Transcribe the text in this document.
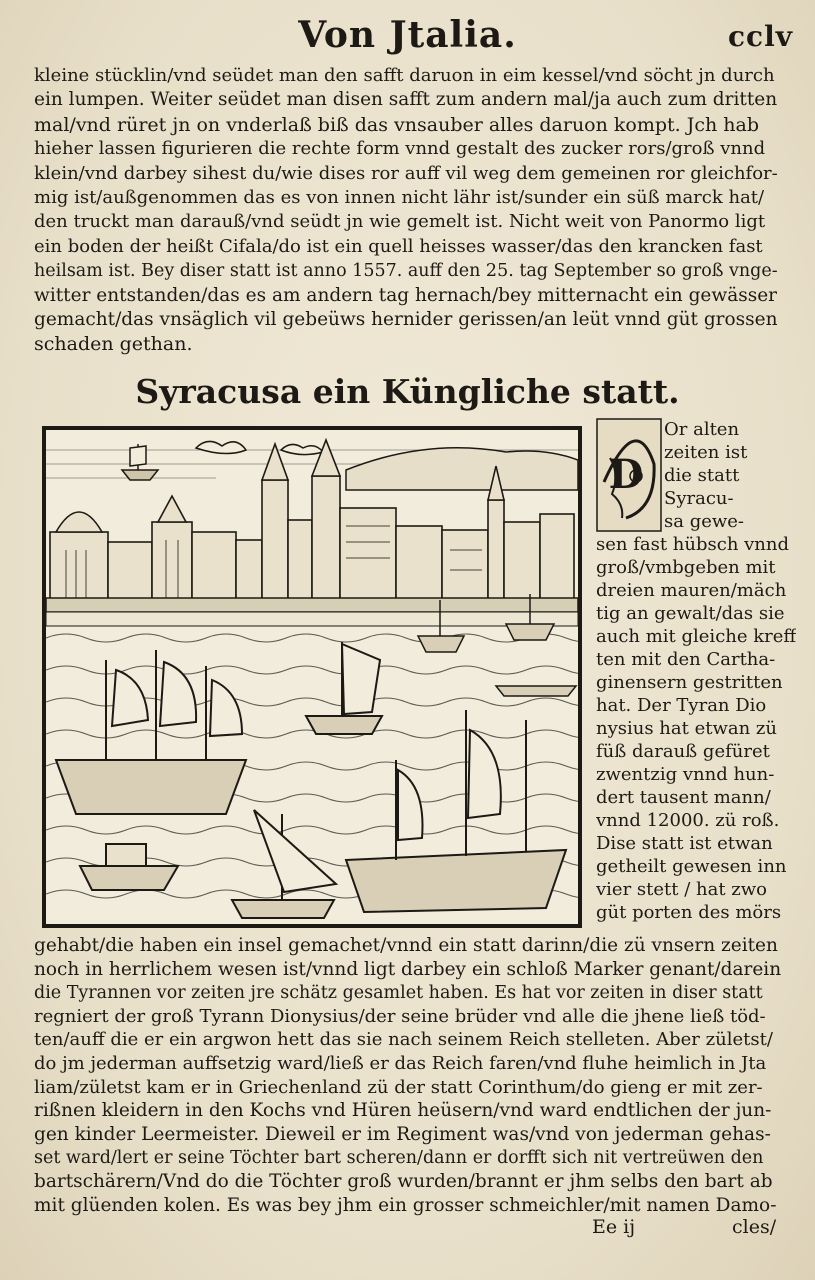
Von Jtalia.	cclv
kleine stücklin/vnd seüdet man den safft daruon in eim kessel/vnd söcht jn durch
ein lumpen. Weiter seüdet man disen safft zum andern mal/ja auch zum dritten
mal/vnd rüret jn on vnderlaß biß das vnsauber alles daruon kompt. Jch hab
hieher lassen figurieren die rechte form vnnd gestalt des zucker rors/groß vnnd
klein/vnd darbey sihest du/wie dises ror auff vil weg dem gemeinen ror gleichfor-
mig ist/außgenommen das es von innen nicht lähr ist/sunder ein süß marck hat/
den truckt man darauß/vnd seüdt jn wie gemelt ist. Nicht weit von Panormo ligt
ein boden der heißt Cifala/do ist ein quell heisses wasser/das den krancken fast
heilsam ist. Bey diser statt ist anno 1557. auff den 25. tag September so groß vnge-
witter entstanden/das es am andern tag hernach/bey mitternacht ein gewässer
gemacht/das vnsäglich vil gebeüws hernider gerissen/an leüt vnnd güt grossen
schaden gethan.
Syracusa ein Küngliche statt.
D
Or alten
zeiten ist
die statt
Syracu-
sa gewe-
sen fast hübsch vnnd
groß/vmbgeben mit
dreien mauren/mäch
tig an gewalt/das sie
auch mit gleiche kreff
ten mit den Cartha-
ginensern gestritten
hat. Der Tyran Dio
nysius hat etwan zü
füß darauß gefüret
zwentzig vnnd hun-
dert tausent mann/
vnnd 12000. zü roß.
Dise statt ist etwan
getheilt gewesen inn
vier stett / hat zwo
güt porten des mörs
gehabt/die haben ein insel gemachet/vnnd ein statt darinn/die zü vnsern zeiten
noch in herrlichem wesen ist/vnnd ligt darbey ein schloß Marker genant/darein
die Tyrannen vor zeiten jre schätz gesamlet haben. Es hat vor zeiten in diser statt
regniert der groß Tyrann Dionysius/der seine brüder vnd alle die jhene ließ töd-
ten/auff die er ein argwon hett das sie nach seinem Reich stelleten. Aber zületst/
do jm jederman auffsetzig ward/ließ er das Reich faren/vnd fluhe heimlich in Jta
liam/zületst kam er in Griechenland zü der statt Corinthum/do gieng er mit zer-
rißnen kleidern in den Kochs vnd Hüren heüsern/vnd ward endtlichen der jun-
gen kinder Leermeister. Dieweil er im Regiment was/vnd von jederman gehas-
set ward/lert er seine Töchter bart scheren/dann er dorfft sich nit vertreüwen den
bartschärern/Vnd do die Töchter groß wurden/brannt er jhm selbs den bart ab
mit glüenden kolen. Es was bey jhm ein grosser schmeichler/mit namen Damo-
Ee ij	cles/
